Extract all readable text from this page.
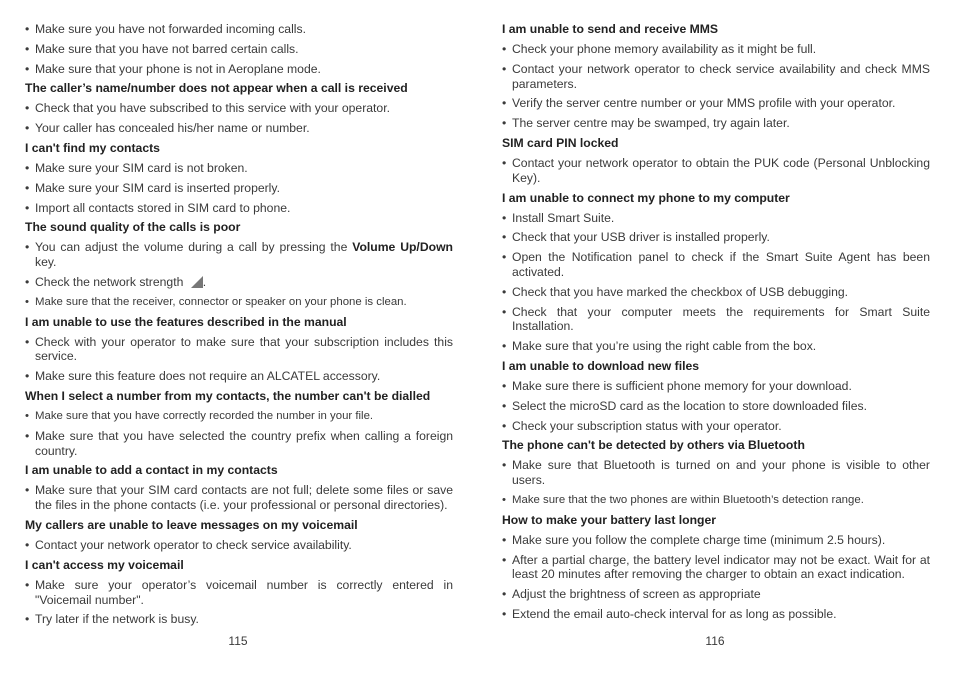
• Make sure you have not forwarded incoming calls.
• Make sure that you have not barred certain calls.
• Make sure that your phone is not in Aeroplane mode.
The caller’s name/number does not appear when a call is received
• Check that you have subscribed to this service with your operator.
• Your caller has concealed his/her name or number.
I can't find my contacts
• Make sure your SIM card is not broken.
• Make sure your SIM card is inserted properly.
• Import all contacts stored in SIM card to phone.
The sound quality of the calls is poor
• You can adjust the volume during a call by pressing the Volume Up/Down key.
• Check the network strength .
• Make sure that the receiver, connector or speaker on your phone is clean.
I am unable to use the features described in the manual
• Check with your operator to make sure that your subscription includes this service.
• Make sure this feature does not require an ALCATEL accessory.
When I select a number from my contacts, the number can't be dialled
• Make sure that you have correctly recorded the number in your file.
• Make sure that you have selected the country prefix when calling a foreign country.
I am unable to add a contact in my contacts
• Make sure that your SIM card contacts are not full; delete some files or save the files in the phone contacts (i.e. your professional or personal directories).
My callers are unable to leave messages on my voicemail
• Contact your network operator to check service availability.
I can't access my voicemail
• Make sure your operator’s voicemail number is correctly entered in "Voicemail number".
• Try later if the network is busy.
I am unable to send and receive MMS
• Check your phone memory availability as it might be full.
• Contact your network operator to check service availability and check MMS parameters.
• Verify the server centre number or your MMS profile with your operator.
• The server centre may be swamped, try again later.
SIM card PIN locked
• Contact your network operator to obtain the PUK code (Personal Unblocking Key).
I am unable to connect my phone to my computer
• Install Smart Suite.
• Check that your USB driver is installed properly.
• Open the Notification panel to check if the Smart Suite Agent has been activated.
• Check that you have marked the checkbox of USB debugging.
• Check that your computer meets the requirements for Smart Suite Installation.
• Make sure that you’re using the right cable from the box.
I am unable to download new files
• Make sure there is sufficient phone memory for your download.
• Select the microSD card as the location to store downloaded files.
• Check your subscription status with your operator.
The phone can't be detected by others via Bluetooth
• Make sure that Bluetooth is turned on and your phone is visible to other users.
• Make sure that the two phones are within Bluetooth’s detection range.
How to make your battery last longer
• Make sure you follow the complete charge time (minimum 2.5 hours).
• After a partial charge, the battery level indicator may not be exact. Wait for at least 20 minutes after removing the charger to obtain an exact indication.
• Adjust the brightness of screen as appropriate
• Extend the email auto-check interval for as long as possible.
115	116
